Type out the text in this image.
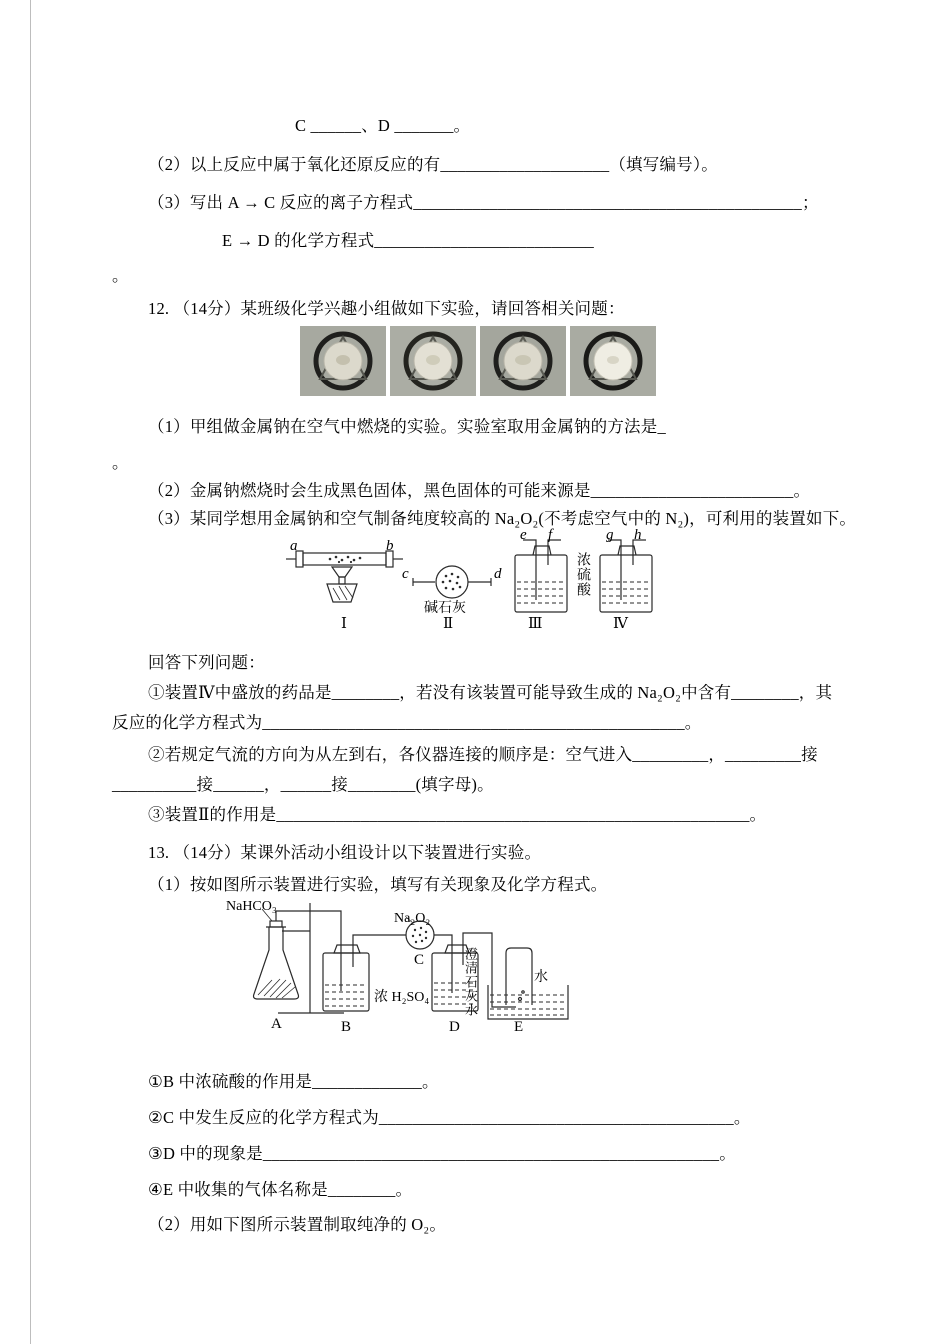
C ______、D _______。
（2）以上反应中属于氧化还原反应的有____________________（填写编号）。
（3）写出 A → C 反应的离子方程式______________________________________________；
E → D 的化学方程式__________________________
。
12. （14分）某班级化学兴趣小组做如下实验，请回答相关问题：
（1）甲组做金属钠在空气中燃烧的实验。实验室取用金属钠的方法是_
。
（2）金属钠燃烧时会生成黑色固体，黑色固体的可能来源是________________________。
（3）某同学想用金属钠和空气制备纯度较高的 Na₂O₂(不考虑空气中的 N₂)，可利用的装置如下。
a	b
c	d
e f	g h
碱石灰
浓硫酸
Ⅰ	Ⅱ	Ⅲ	Ⅳ
回答下列问题：
①装置Ⅳ中盛放的药品是________，若没有该装置可能导致生成的 Na₂O₂中含有________，其
反应的化学方程式为__________________________________________________。
②若规定气流的方向为从左到右，各仪器连接的顺序是：空气进入_________，_________接
__________接______，______接________(填字母)。
③装置Ⅱ的作用是________________________________________________________。
13. （14分）某课外活动小组设计以下装置进行实验。
（1）按如图所示装置进行实验，填写有关现象及化学方程式。
NaHCO₃
Na₂O₂
浓 H₂SO₄	澄清石灰水	水
A	B
C
D	E
①B 中浓硫酸的作用是_____________。
②C 中发生反应的化学方程式为__________________________________________。
③D 中的现象是______________________________________________________。
④E 中收集的气体名称是________。
（2）用如下图所示装置制取纯净的 O₂。
